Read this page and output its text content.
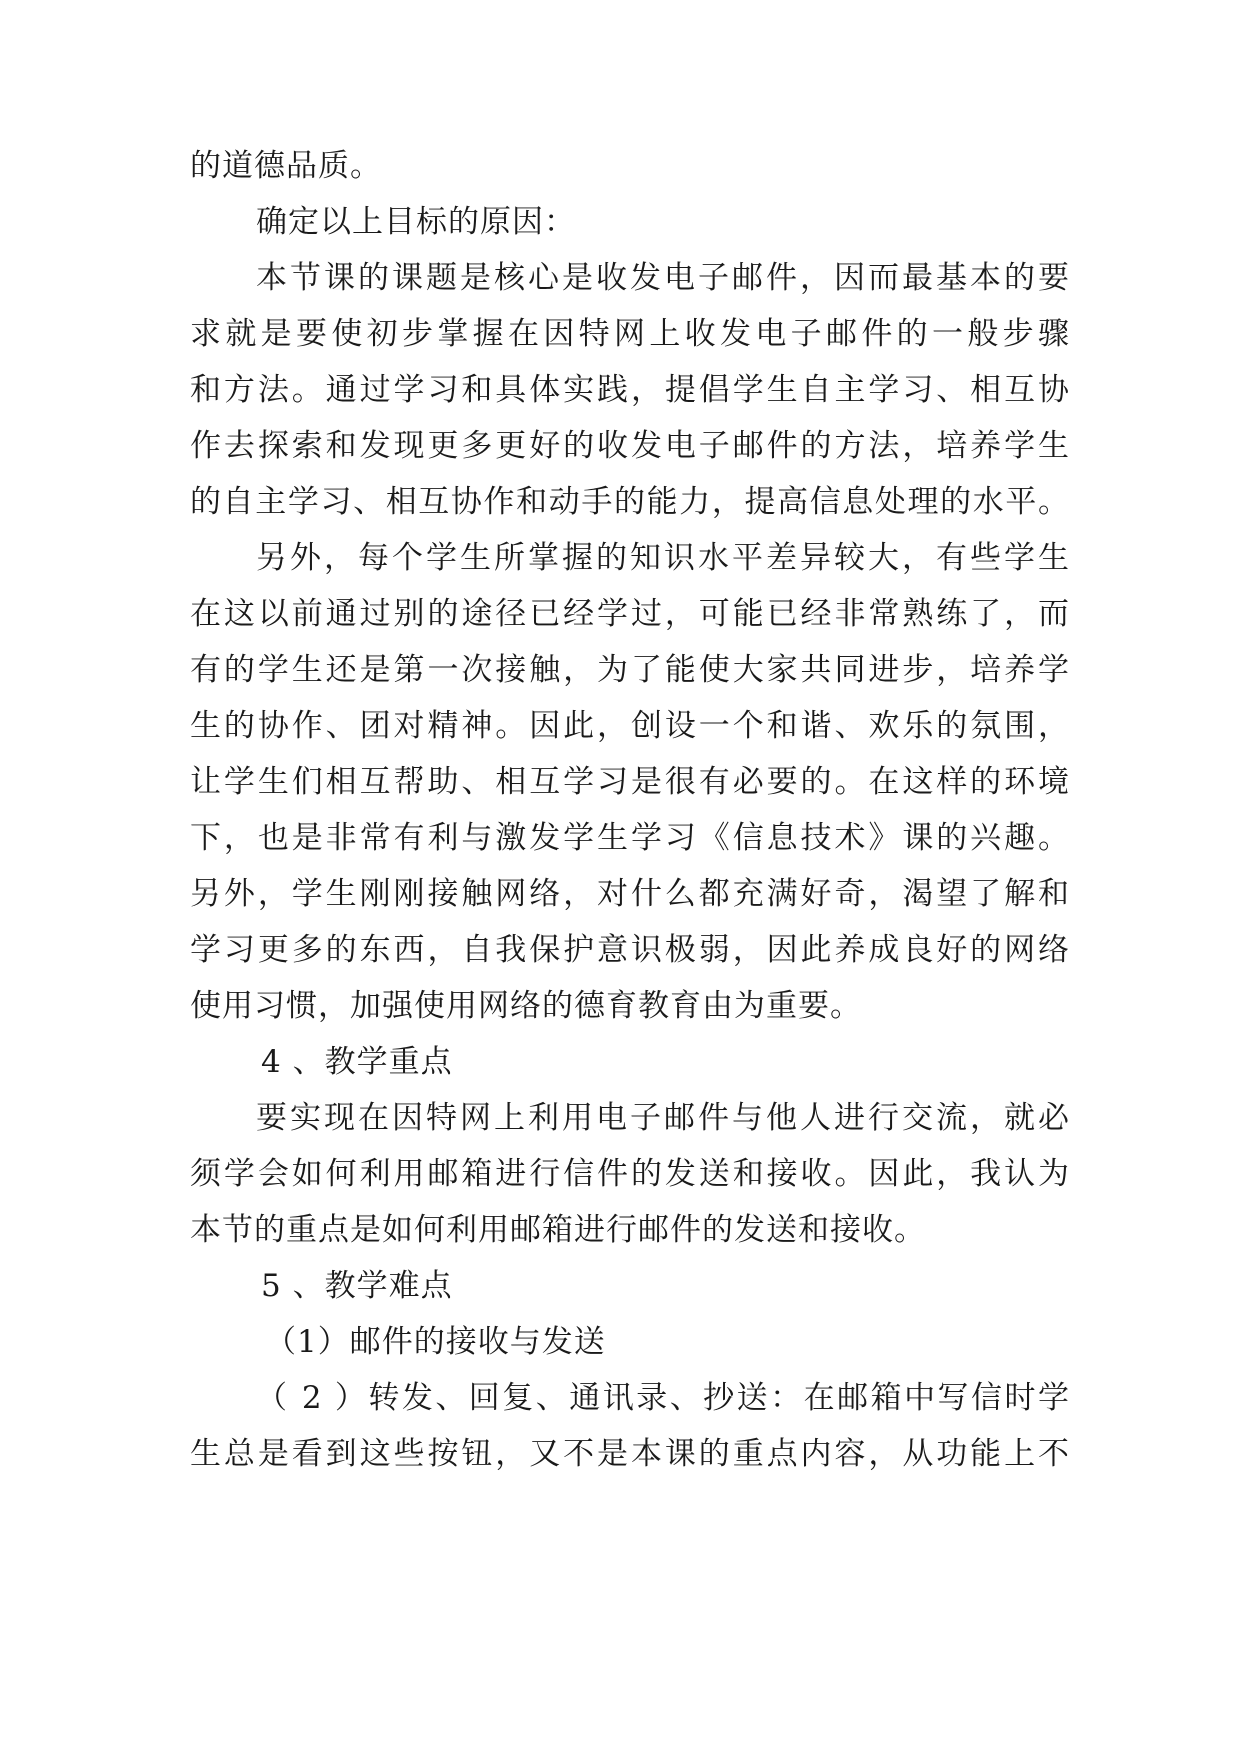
的道德品质。
确定以上目标的原因：
本节课的课题是核心是收发电子邮件，因而最基本的要
求就是要使初步掌握在因特网上收发电子邮件的一般步骤
和方法。通过学习和具体实践，提倡学生自主学习、相互协
作去探索和发现更多更好的收发电子邮件的方法，培养学生
的自主学习、相互协作和动手的能力，提高信息处理的水平。
另外，每个学生所掌握的知识水平差异较大，有些学生
在这以前通过别的途径已经学过，可能已经非常熟练了，而
有的学生还是第一次接触，为了能使大家共同进步，培养学
生的协作、团对精神。因此，创设一个和谐、欢乐的氛围，
让学生们相互帮助、相互学习是很有必要的。在这样的环境
下，也是非常有利与激发学生学习《信息技术》课的兴趣。
另外，学生刚刚接触网络，对什么都充满好奇，渴望了解和
学习更多的东西，自我保护意识极弱，因此养成良好的网络
使用习惯，加强使用网络的德育教育由为重要。
4 、教学重点
要实现在因特网上利用电子邮件与他人进行交流，就必
须学会如何利用邮箱进行信件的发送和接收。因此，我认为
本节的重点是如何利用邮箱进行邮件的发送和接收。
5 、教学难点
（1）邮件的接收与发送
（ 2 ）转发、回复、通讯录、抄送：在邮箱中写信时学
生总是看到这些按钮，又不是本课的重点内容，从功能上不
